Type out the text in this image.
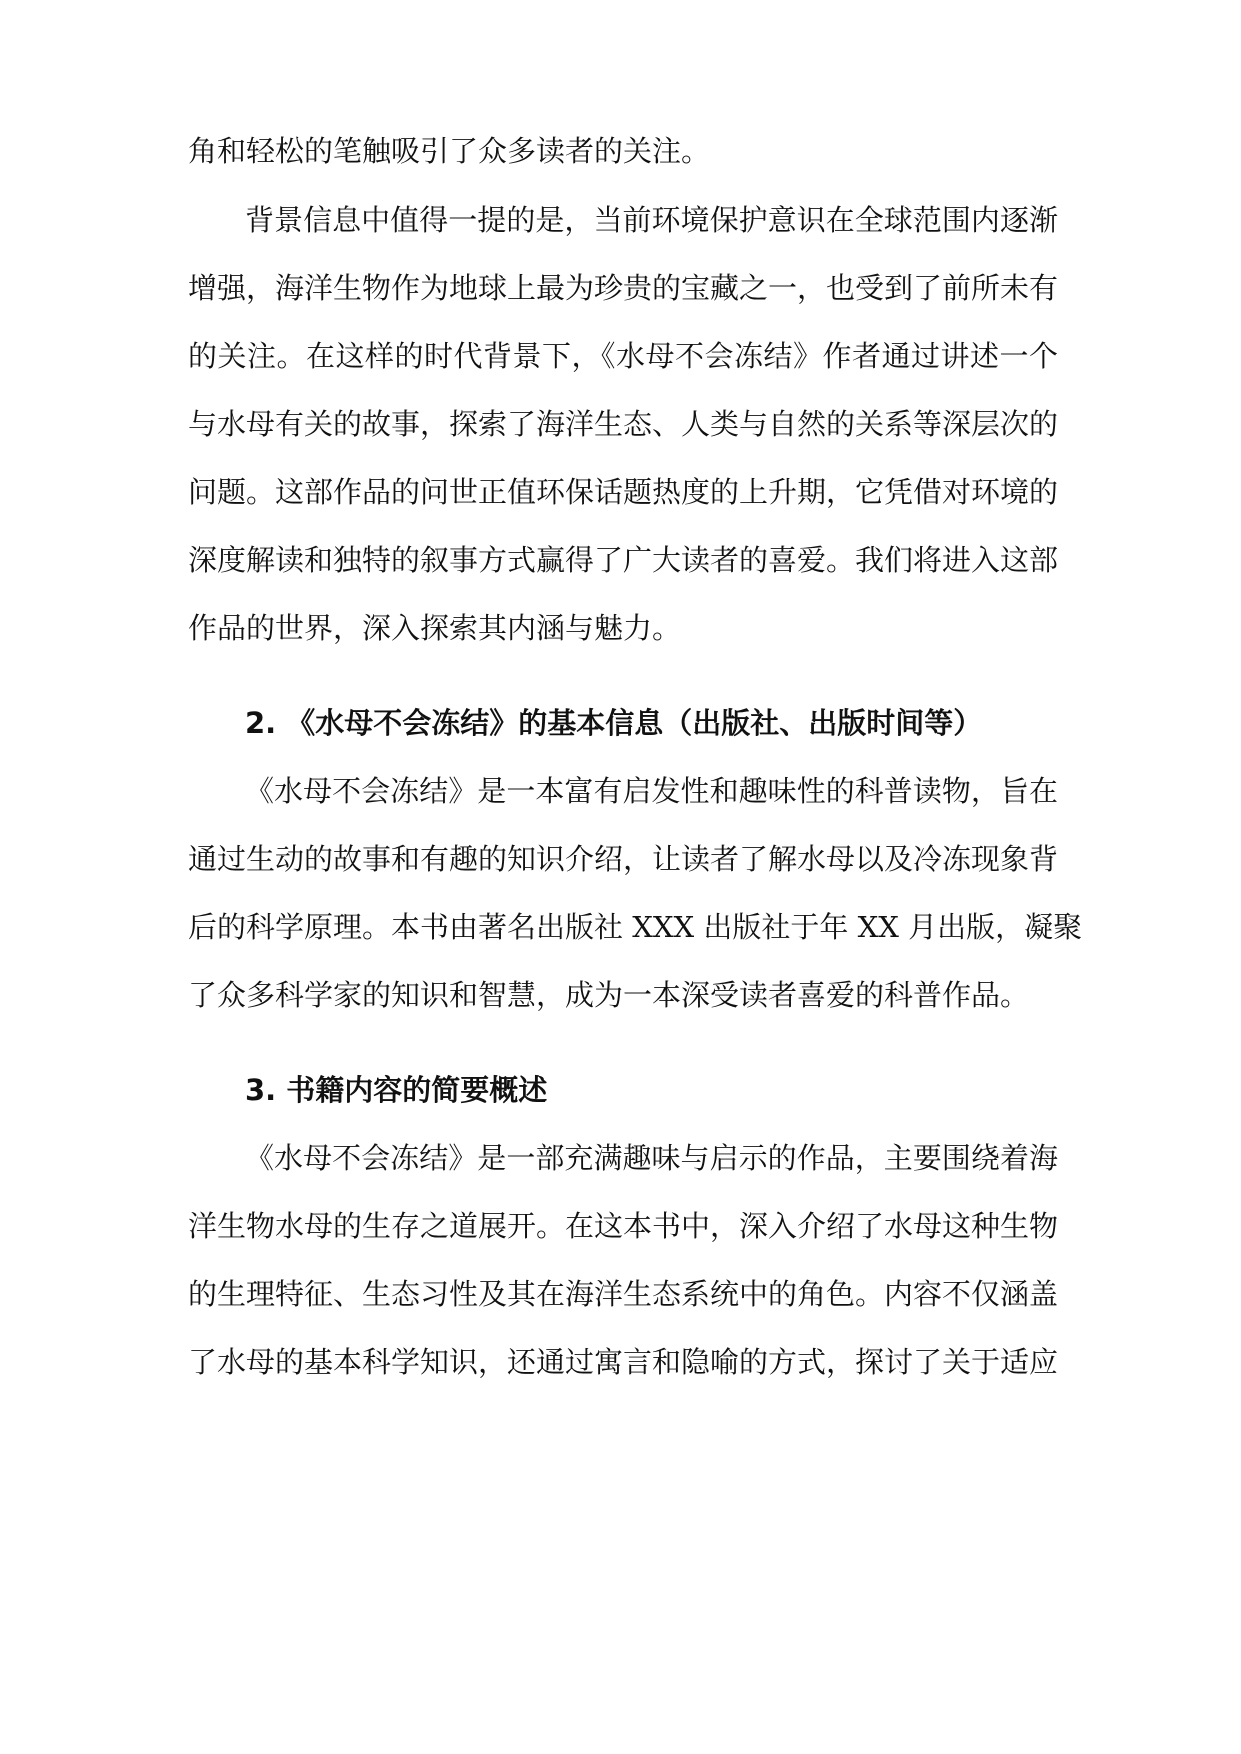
角和轻松的笔触吸引了众多读者的关注。
背景信息中值得一提的是，当前环境保护意识在全球范围内逐渐
增强，海洋生物作为地球上最为珍贵的宝藏之一，也受到了前所未有
的关注。在这样的时代背景下，《水母不会冻结》作者通过讲述一个
与水母有关的故事，探索了海洋生态、人类与自然的关系等深层次的
问题。这部作品的问世正值环保话题热度的上升期，它凭借对环境的
深度解读和独特的叙事方式赢得了广大读者的喜爱。我们将进入这部
作品的世界，深入探索其内涵与魅力。
2. 《水母不会冻结》的基本信息（出版社、出版时间等）
《水母不会冻结》是一本富有启发性和趣味性的科普读物，旨在
通过生动的故事和有趣的知识介绍，让读者了解水母以及冷冻现象背
后的科学原理。本书由著名出版社 XXX 出版社于年 XX 月出版，凝聚
了众多科学家的知识和智慧，成为一本深受读者喜爱的科普作品。
3. 书籍内容的简要概述
《水母不会冻结》是一部充满趣味与启示的作品，主要围绕着海
洋生物水母的生存之道展开。在这本书中，深入介绍了水母这种生物
的生理特征、生态习性及其在海洋生态系统中的角色。内容不仅涵盖
了水母的基本科学知识，还通过寓言和隐喻的方式，探讨了关于适应
